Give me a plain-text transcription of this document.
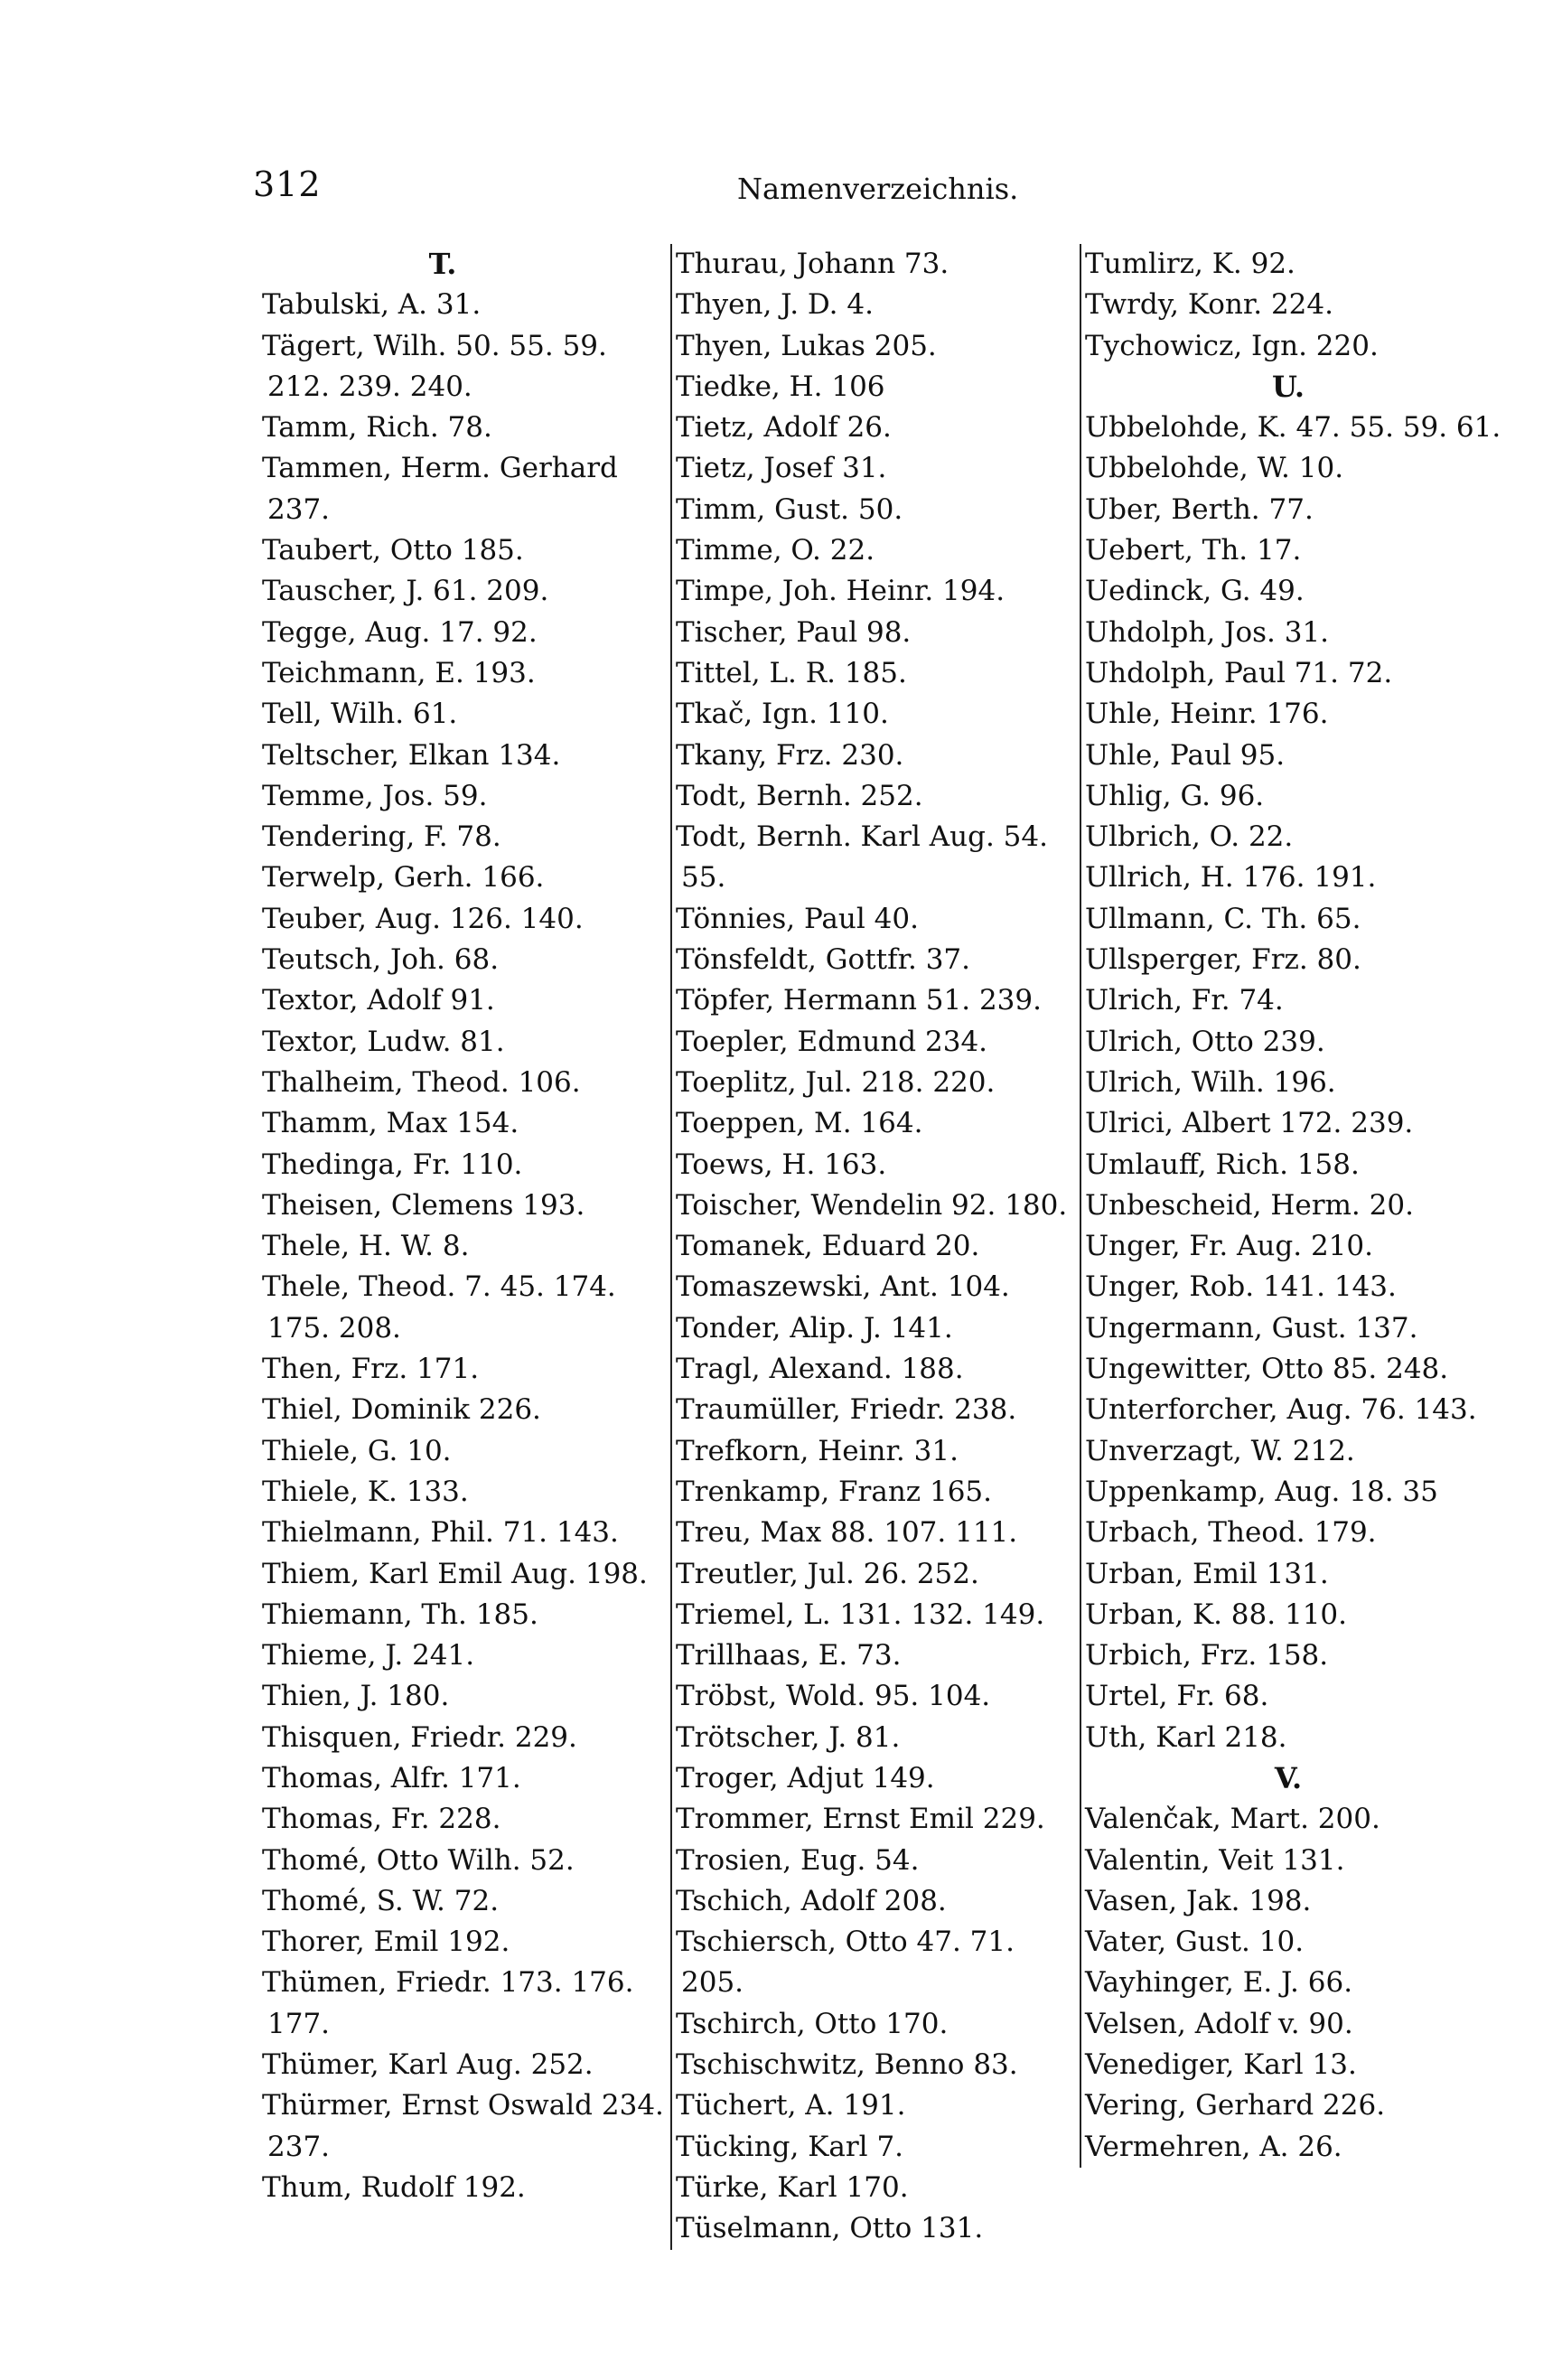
312	Namenverzeichnis.
T.
Tabulski, A. 31.
Tägert, Wilh. 50. 55. 59.
212. 239. 240.
Tamm, Rich. 78.
Tammen, Herm. Gerhard
237.
Taubert, Otto 185.
Tauscher, J. 61. 209.
Tegge, Aug. 17. 92.
Teichmann, E. 193.
Tell, Wilh. 61.
Teltscher, Elkan 134.
Temme, Jos. 59.
Tendering, F. 78.
Terwelp, Gerh. 166.
Teuber, Aug. 126. 140.
Teutsch, Joh. 68.
Textor, Adolf 91.
Textor, Ludw. 81.
Thalheim, Theod. 106.
Thamm, Max 154.
Thedinga, Fr. 110.
Theisen, Clemens 193.
Thele, H. W. 8.
Thele, Theod. 7. 45. 174.
175. 208.
Then, Frz. 171.
Thiel, Dominik 226.
Thiele, G. 10.
Thiele, K. 133.
Thielmann, Phil. 71. 143.
Thiem, Karl Emil Aug. 198.
Thiemann, Th. 185.
Thieme, J. 241.
Thien, J. 180.
Thisquen, Friedr. 229.
Thomas, Alfr. 171.
Thomas, Fr. 228.
Thomé, Otto Wilh. 52.
Thomé, S. W. 72.
Thorer, Emil 192.
Thümen, Friedr. 173. 176.
177.
Thümer, Karl Aug. 252.
Thürmer, Ernst Oswald 234.
237.
Thum, Rudolf 192.
Thurau, Johann 73.
Thyen, J. D. 4.
Thyen, Lukas 205.
Tiedke, H. 106
Tietz, Adolf 26.
Tietz, Josef 31.
Timm, Gust. 50.
Timme, O. 22.
Timpe, Joh. Heinr. 194.
Tischer, Paul 98.
Tittel, L. R. 185.
Tkač, Ign. 110.
Tkany, Frz. 230.
Todt, Bernh. 252.
Todt, Bernh. Karl Aug. 54.
55.
Tönnies, Paul 40.
Tönsfeldt, Gottfr. 37.
Töpfer, Hermann 51. 239.
Toepler, Edmund 234.
Toeplitz, Jul. 218. 220.
Toeppen, M. 164.
Toews, H. 163.
Toischer, Wendelin 92. 180.
Tomanek, Eduard 20.
Tomaszewski, Ant. 104.
Tonder, Alip. J. 141.
Tragl, Alexand. 188.
Traumüller, Friedr. 238.
Trefkorn, Heinr. 31.
Trenkamp, Franz 165.
Treu, Max 88. 107. 111.
Treutler, Jul. 26. 252.
Triemel, L. 131. 132. 149.
Trillhaas, E. 73.
Tröbst, Wold. 95. 104.
Trötscher, J. 81.
Troger, Adjut 149.
Trommer, Ernst Emil 229.
Trosien, Eug. 54.
Tschich, Adolf 208.
Tschiersch, Otto 47. 71.
205.
Tschirch, Otto 170.
Tschischwitz, Benno 83.
Tüchert, A. 191.
Tücking, Karl 7.
Türke, Karl 170.
Tüselmann, Otto 131.
Tumlirz, K. 92.
Twrdy, Konr. 224.
Tychowicz, Ign. 220.
U.
Ubbelohde, K. 47. 55. 59. 61.
Ubbelohde, W. 10.
Uber, Berth. 77.
Uebert, Th. 17.
Uedinck, G. 49.
Uhdolph, Jos. 31.
Uhdolph, Paul 71. 72.
Uhle, Heinr. 176.
Uhle, Paul 95.
Uhlig, G. 96.
Ulbrich, O. 22.
Ullrich, H. 176. 191.
Ullmann, C. Th. 65.
Ullsperger, Frz. 80.
Ulrich, Fr. 74.
Ulrich, Otto 239.
Ulrich, Wilh. 196.
Ulrici, Albert 172. 239.
Umlauff, Rich. 158.
Unbescheid, Herm. 20.
Unger, Fr. Aug. 210.
Unger, Rob. 141. 143.
Ungermann, Gust. 137.
Ungewitter, Otto 85. 248.
Unterforcher, Aug. 76. 143.
Unverzagt, W. 212.
Uppenkamp, Aug. 18. 35
Urbach, Theod. 179.
Urban, Emil 131.
Urban, K. 88. 110.
Urbich, Frz. 158.
Urtel, Fr. 68.
Uth, Karl 218.
V.
Valenčak, Mart. 200.
Valentin, Veit 131.
Vasen, Jak. 198.
Vater, Gust. 10.
Vayhinger, E. J. 66.
Velsen, Adolf v. 90.
Venediger, Karl 13.
Vering, Gerhard 226.
Vermehren, A. 26.
